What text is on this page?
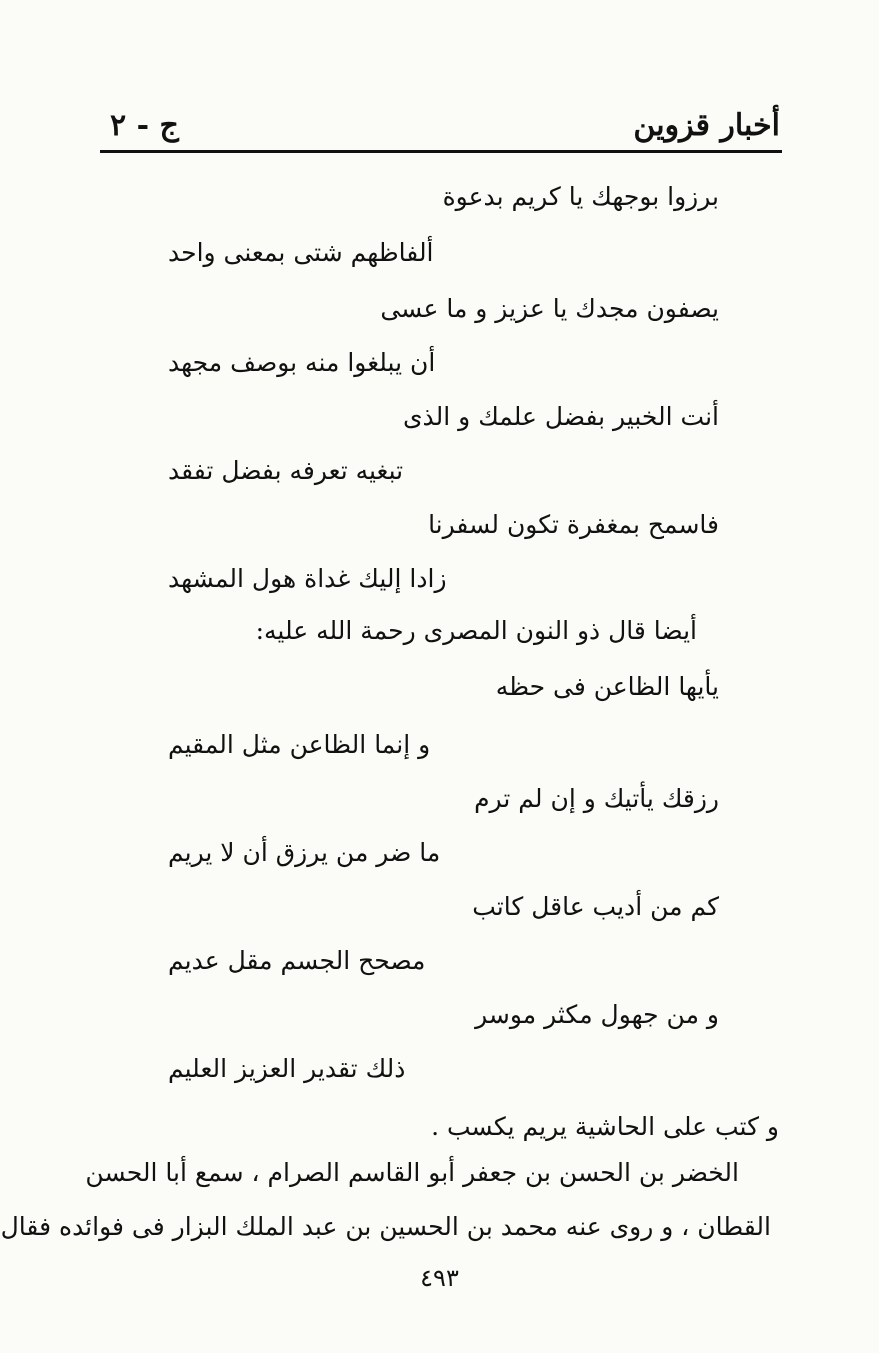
أخبار قزوين
ج - ٢
برزوا بوجهك يا كريم بدعوة
ألفاظهم شتى بمعنى واحد
يصفون مجدك يا عزيز و ما عسى
أن يبلغوا منه بوصف مجهد
أنت الخبير بفضل علمك و الذى
تبغيه تعرفه بفضل تفقد
فاسمح بمغفرة تكون لسفرنا
زادا إليك غداة هول المشهد
أيضا قال ذو النون المصرى رحمة الله عليه:
يأيها الظاعن فى حظه
و إنما الظاعن مثل المقيم
رزقك يأتيك و إن لم ترم
ما ضر من يرزق أن لا يريم
كم من أديب عاقل كاتب
مصحح الجسم مقل عديم
و من جهول مكثر موسر
ذلك تقدير العزيز العليم
و كتب على الحاشية يريم يكسب .
الخضر بن الحسن بن جعفر أبو القاسم الصرام ، سمع أبا الحسن
القطان ، و روى عنه محمد بن الحسين بن عبد الملك البزار فى فوائده فقال
٤٩٣
